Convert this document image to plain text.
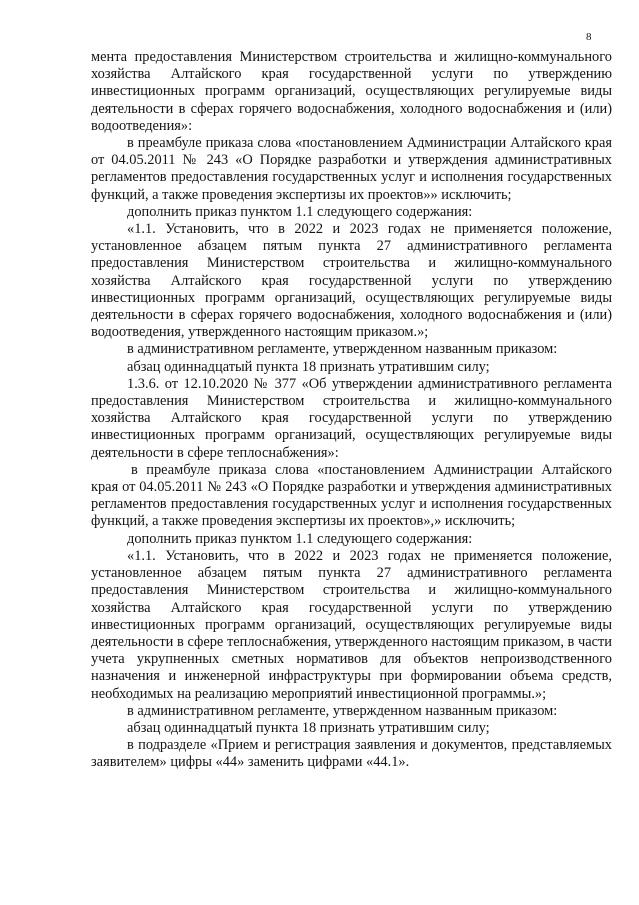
8

мента предоставления Министерством строительства и жилищно-коммунального хозяйства Алтайского края государственной услуги по утверждению инвестиционных программ организаций, осуществляющих регулируемые виды деятельности в сферах горячего водоснабжения, холодного водоснабжения и (или) водоотведения»:

в преамбуле приказа слова «постановлением Администрации Алтайского края от 04.05.2011 № 243 «О Порядке разработки и утверждения административных регламентов предоставления государственных услуг и исполнения государственных функций, а также проведения экспертизы их проектов»» исключить;

дополнить приказ пунктом 1.1 следующего содержания:

«1.1. Установить, что в 2022 и 2023 годах не применяется положение, установленное абзацем пятым пункта 27 административного регламента предоставления Министерством строительства и жилищно-коммунального хозяйства Алтайского края государственной услуги по утверждению инвестиционных программ организаций, осуществляющих регулируемые виды деятельности в сферах горячего водоснабжения, холодного водоснабжения и (или) водоотведения, утвержденного настоящим приказом.»;

в административном регламенте, утвержденном названным приказом:

абзац одиннадцатый пункта 18 признать утратившим силу;

1.3.6. от 12.10.2020 № 377 «Об утверждении административного регламента предоставления Министерством строительства и жилищно-коммунального хозяйства Алтайского края государственной услуги по утверждению инвестиционных программ организаций, осуществляющих регулируемые виды деятельности в сфере теплоснабжения»:

в преамбуле приказа слова «постановлением Администрации Алтайского края от 04.05.2011 № 243 «О Порядке разработки и утверждения административных регламентов предоставления государственных услуг и исполнения государственных функций, а также проведения экспертизы их проектов»,» исключить;

дополнить приказ пунктом 1.1 следующего содержания:

«1.1. Установить, что в 2022 и 2023 годах не применяется положение, установленное абзацем пятым пункта 27 административного регламента предоставления Министерством строительства и жилищно-коммунального хозяйства Алтайского края государственной услуги по утверждению инвестиционных программ организаций, осуществляющих регулируемые виды деятельности в сфере теплоснабжения, утвержденного настоящим приказом, в части учета укрупненных сметных нормативов для объектов непроизводственного назначения и инженерной инфраструктуры при формировании объема средств, необходимых на реализацию мероприятий инвестиционной программы.»;

в административном регламенте, утвержденном названным приказом:

абзац одиннадцатый пункта 18 признать утратившим силу;

в подразделе «Прием и регистрация заявления и документов, представляемых заявителем» цифры «44» заменить цифрами «44.1».
